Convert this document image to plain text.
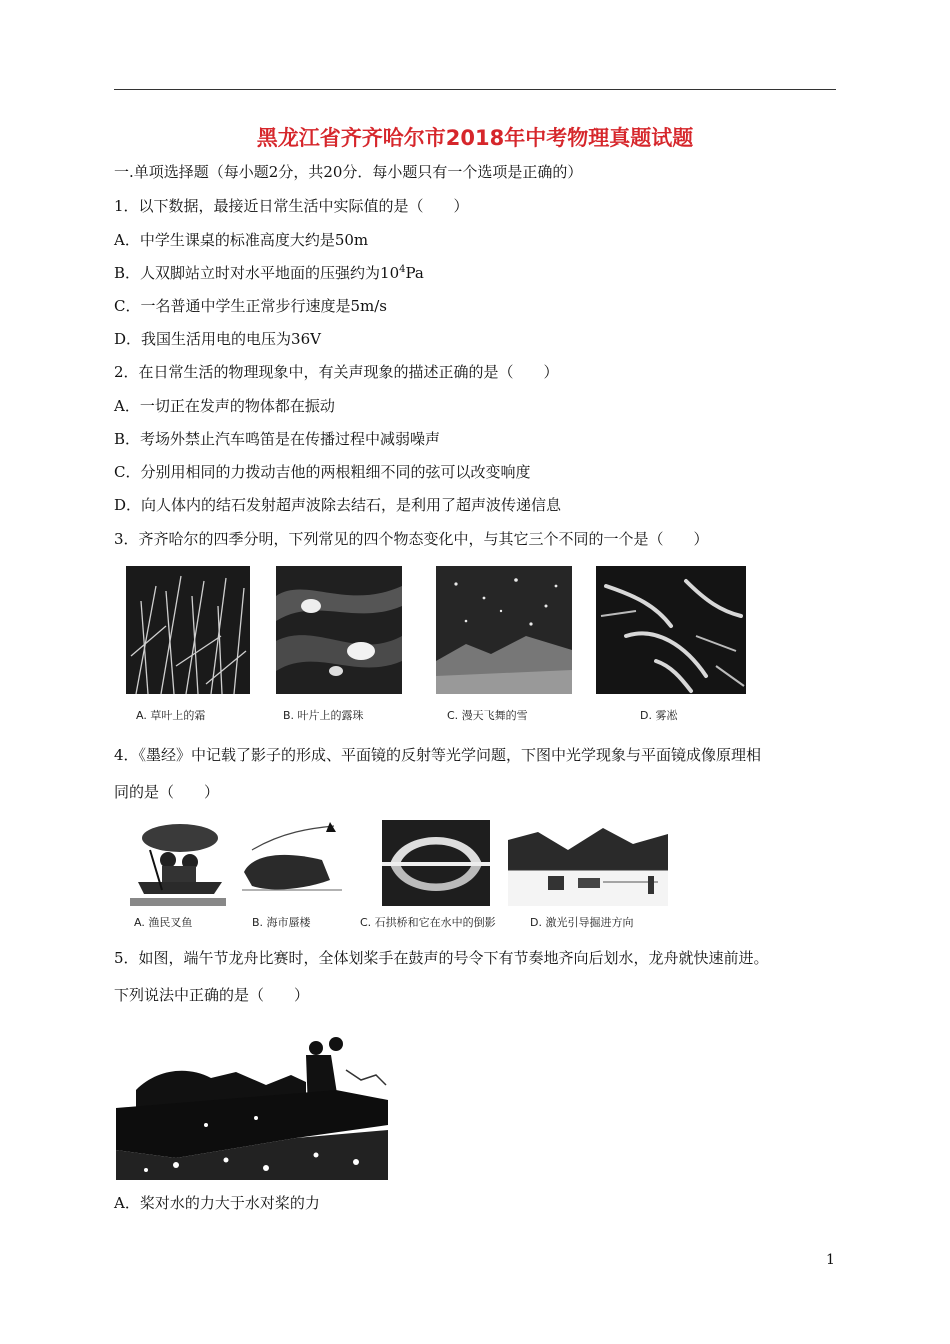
黑龙江省齐齐哈尔市2018年中考物理真题试题
一.单项选择题（每小题2分，共20分．每小题只有一个选项是正确的）
1．以下数据，最接近日常生活中实际值的是（　　）
A．中学生课桌的标准高度大约是50m
B．人双脚站立时对水平地面的压强约为$10^4Pa$
C．一名普通中学生正常步行速度是5m/s
D．我国生活用电的电压为36V
2．在日常生活的物理现象中，有关声现象的描述正确的是（　　）
A．一切正在发声的物体都在振动
B．考场外禁止汽车鸣笛是在传播过程中减弱噪声
C．分别用相同的力拨动吉他的两根粗细不同的弦可以改变响度
D．向人体内的结石发射超声波除去结石，是利用了超声波传递信息
3．齐齐哈尔的四季分明，下列常见的四个物态变化中，与其它三个不同的一个是（　　）
A. 草叶上的霜	B. 叶片上的露珠	C. 漫天飞舞的雪	D. 雾凇
4．《墨经》中记载了影子的形成、平面镜的反射等光学问题，下图中光学现象与平面镜成像原理相
同的是（　　）
A. 渔民叉鱼	B. 海市蜃楼	C. 石拱桥和它在水中的倒影	D. 激光引导掘进方向
5．如图，端午节龙舟比赛时，全体划桨手在鼓声的号令下有节奏地齐向后划水，龙舟就快速前进。
下列说法中正确的是（　　）
A．桨对水的力大于水对桨的力
1
